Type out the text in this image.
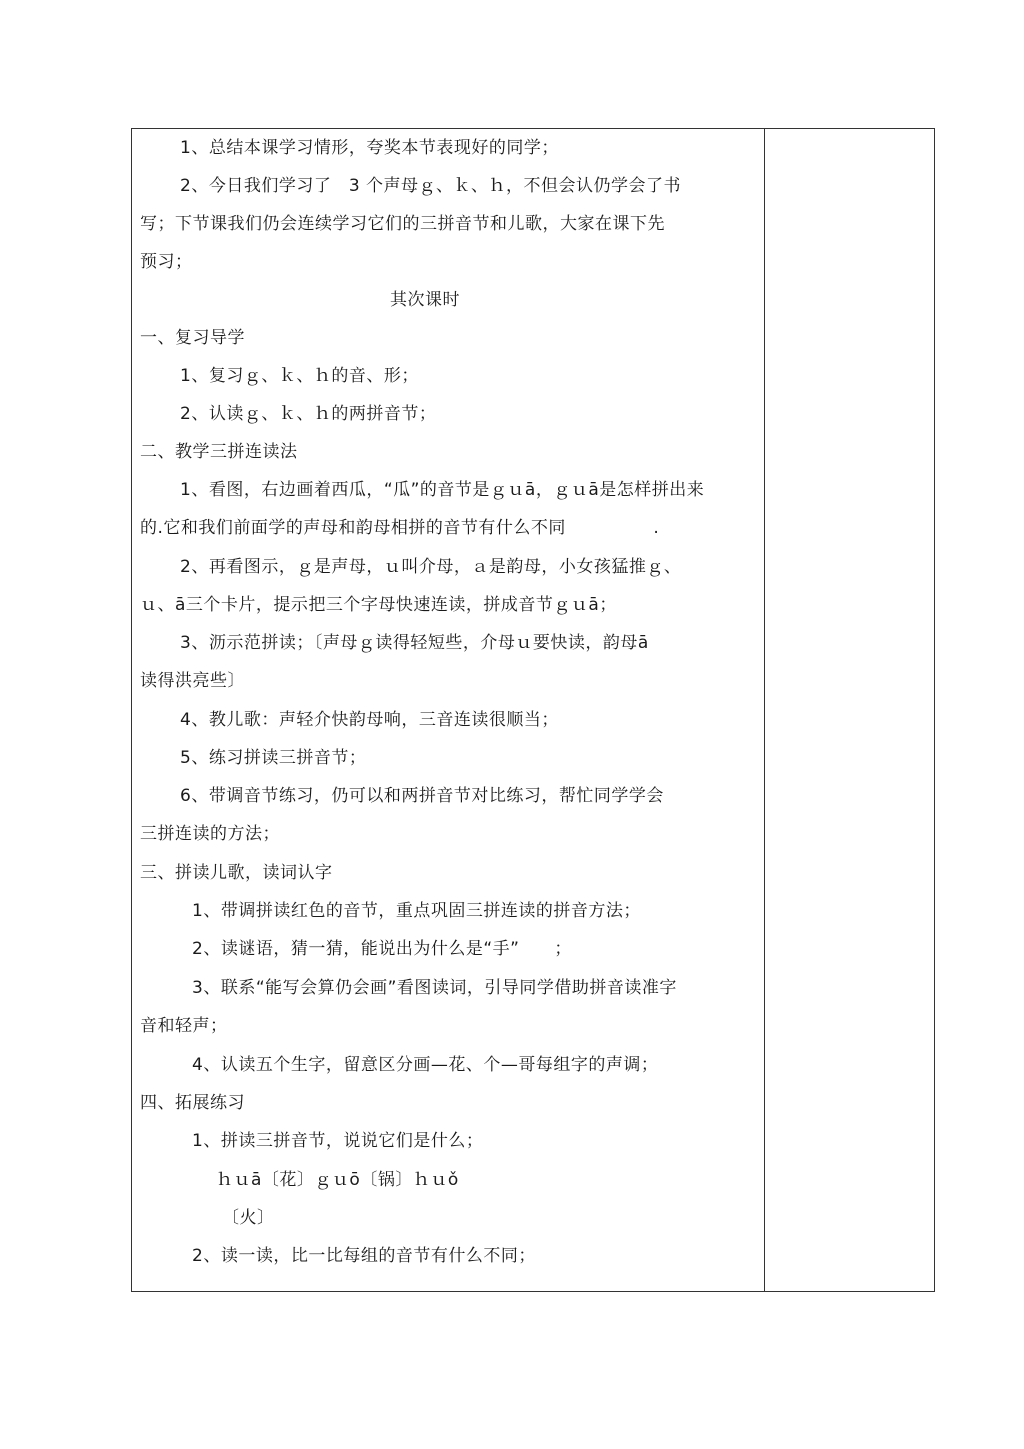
1、总结本课学习情形，夸奖本节表现好的同学；
2、今日我们学习了　3 个声母ｇ、ｋ、ｈ，不但会认仍学会了书
写；下节课我们仍会连续学习它们的三拼音节和儿歌，大家在课下先
预习；
其次课时
一、复习导学
1、复习ｇ、ｋ、ｈ的音、形；
2、认读ｇ、ｋ、ｈ的两拼音节；
二、教学三拼连读法
1、看图，右边画着西瓜，“瓜”的音节是ｇｕā，ｇｕā是怎样拼出来
的.它和我们前面学的声母和韵母相拼的音节有什么不同　　　　　.
2、再看图示，ｇ是声母，ｕ叫介母，ａ是韵母，小女孩猛推ｇ、
ｕ、ā三个卡片，提示把三个字母快速连读，拼成音节ｇｕā；
3、沥示范拼读；〔声母ｇ读得轻短些，介母ｕ要快读，韵母ā
读得洪亮些〕
4、教儿歌：声轻介快韵母响，三音连读很顺当；
5、练习拼读三拼音节；
6、带调音节练习，仍可以和两拼音节对比练习，帮忙同学学会
三拼连读的方法；
三、拼读儿歌，读词认字
1、带调拼读红色的音节，重点巩固三拼连读的拼音方法；
2、读谜语，猜一猜，能说出为什么是“手”　　；
3、联系“能写会算仍会画”看图读词，引导同学借助拼音读准字
音和轻声；
4、认读五个生字，留意区分画—花、个—哥每组字的声调；
四、拓展练习
1、拼读三拼音节，说说它们是什么；
ｈｕā〔花〕ｇｕō〔锅〕ｈｕǒ
〔火〕
2、读一读，比一比每组的音节有什么不同；
